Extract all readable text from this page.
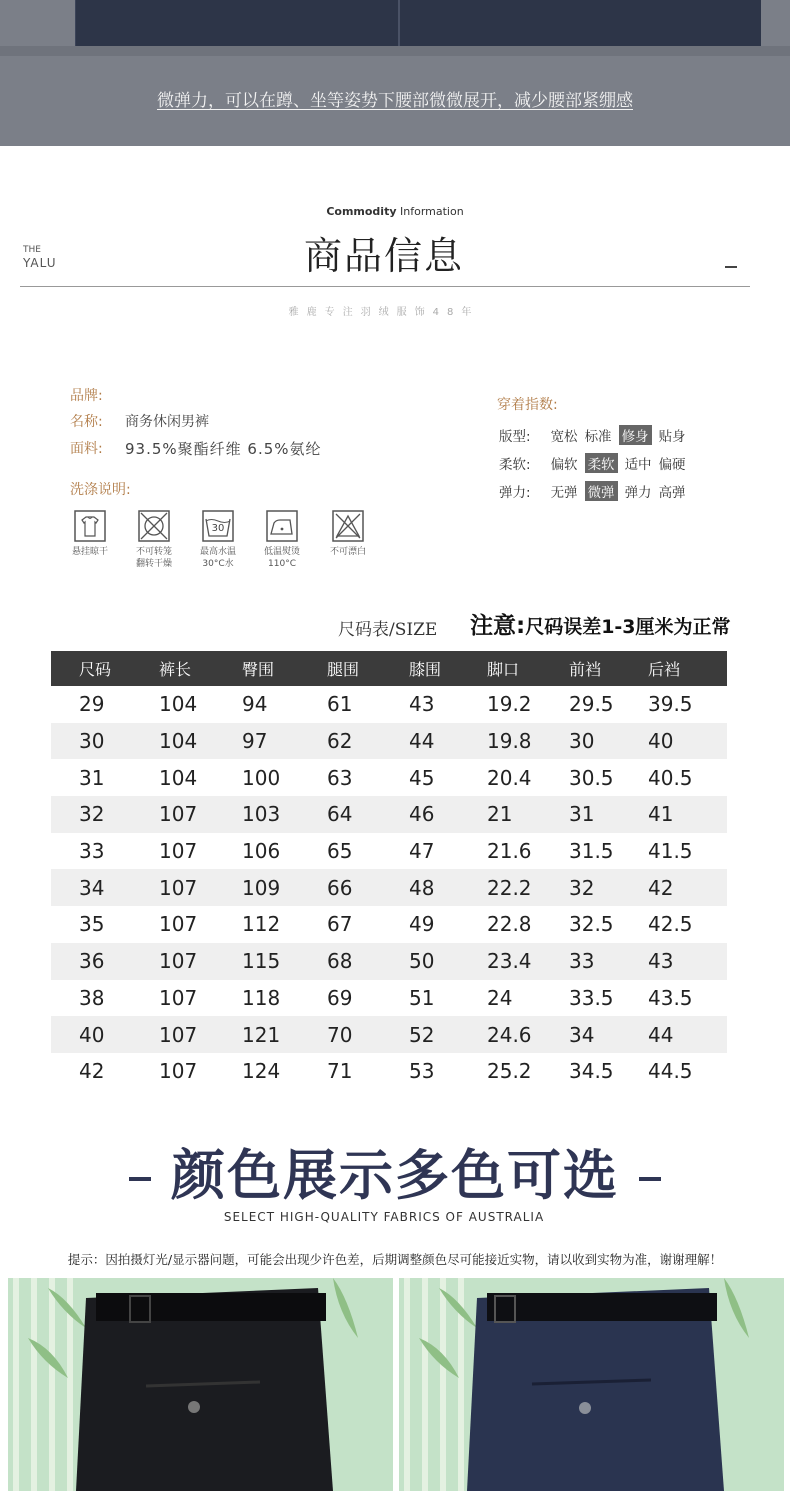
微弹力，可以在蹲、坐等姿势下腰部微微展开，减少腰部紧绷感
Commodity Information
商品信息
THE
YALU
雅鹿专注羽绒服饰48年
品牌:
名称: 商务休闲男裤
面料: 93.5%聚酯纤维 6.5%氨纶
洗涤说明:
悬挂晾干	不可转笼
翻转干燥
30
最高水温
30°C水
低温熨烫
110°C
不可漂白
穿着指数:
版型: 宽松 标准 修身 贴身
柔软: 偏软 柔软 适中 偏硬
弹力: 无弹 微弹 弹力 高弹
尺码表/SIZE 注意:尺码误差1-3厘米为正常
尺码	裤长	臀围	腿围	膝围	脚口	前裆	后裆
29	104	94	61	43	19.2	29.5	39.5
30	104	97	62	44	19.8	30	40
31	104	100	63	45	20.4	30.5	40.5
32	107	103	64	46	21	31	41
33	107	106	65	47	21.6	31.5	41.5
34	107	109	66	48	22.2	32	42
35	107	112	67	49	22.8	32.5	42.5
36	107	115	68	50	23.4	33	43
38	107	118	69	51	24	33.5	43.5
40	107	121	70	52	24.6	34	44
42	107	124	71	53	25.2	34.5	44.5
颜色展示多色可选
SELECT HIGH-QUALITY FABRICS OF AUSTRALIA
提示：因拍摄灯光/显示器问题，可能会出现少许色差，后期调整颜色尽可能接近实物，请以收到实物为准，谢谢理解！
